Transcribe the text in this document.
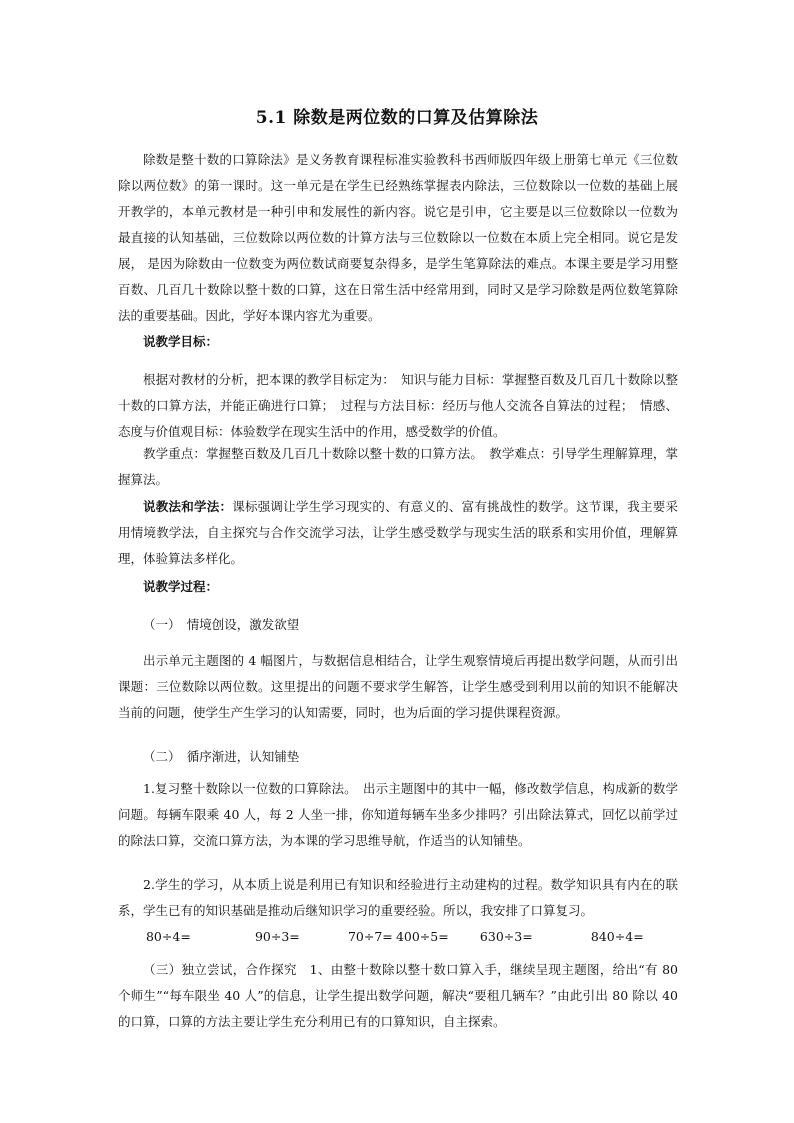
5.1 除数是两位数的口算及估算除法
除数是整十数的口算除法》是义务教育课程标准实验教科书西师版四年级上册第七单元《三位数除以两位数》的第一课时。这一单元是在学生已经熟练掌握表内除法，三位数除以一位数的基础上展开教学的，本单元教材是一种引申和发展性的新内容。说它是引申，它主要是以三位数除以一位数为最直接的认知基础，三位数除以两位数的计算方法与三位数除以一位数在本质上完全相同。说它是发展， 是因为除数由一位数变为两位数试商要复杂得多，是学生笔算除法的难点。本课主要是学习用整百数、几百几十数除以整十数的口算，这在日常生活中经常用到，同时又是学习除数是两位数笔算除法的重要基础。因此，学好本课内容尤为重要。
说教学目标：
根据对教材的分析，把本课的教学目标定为：　知识与能力目标：掌握整百数及几百几十数除以整十数的口算方法，并能正确进行口算；　过程与方法目标：经历与他人交流各自算法的过程；　情感、态度与价值观目标：体验数学在现实生活中的作用，感受数学的价值。
教学重点：掌握整百数及几百几十数除以整十数的口算方法。　教学难点：引导学生理解算理，掌握算法。
说教法和学法：课标强调让学生学习现实的、有意义的、富有挑战性的数学。这节课，我主要采用情境教学法，自主探究与合作交流学习法，让学生感受数学与现实生活的联系和实用价值，理解算理，体验算法多样化。
说教学过程：
（一）　情境创设，激发欲望
出示单元主题图的 4 幅图片，与数据信息相结合，让学生观察情境后再提出数学问题，从而引出课题：三位数除以两位数。这里提出的问题不要求学生解答，让学生感受到利用以前的知识不能解决当前的问题，使学生产生学习的认知需要，同时，也为后面的学习提供课程资源。
（二）　循序渐进，认知铺垫
1.复习整十数除以一位数的口算除法。　出示主题图中的其中一幅，修改数学信息，构成新的数学问题。每辆车限乘 40 人，每 2 人坐一排，你知道每辆车坐多少排吗？引出除法算式，回忆以前学过的除法口算，交流口算方法，为本课的学习思维导航，作适当的认知铺垫。
2.学生的学习，从本质上说是利用已有知识和经验进行主动建构的过程。数学知识具有内在的联系，学生已有的知识基础是推动后继知识学习的重要经验。所以，我安排了口算复习。
80÷4=	90÷3=	70÷7= 400÷5= 630÷3=	840÷4=
（三）独立尝试，合作探究　1、由整十数除以整十数口算入手，继续呈现主题图，给出“有 80 个师生”“每车限坐 40 人”的信息，让学生提出数学问题，解决“要租几辆车？”由此引出 80 除以 40 的口算，口算的方法主要让学生充分利用已有的口算知识，自主探索。
